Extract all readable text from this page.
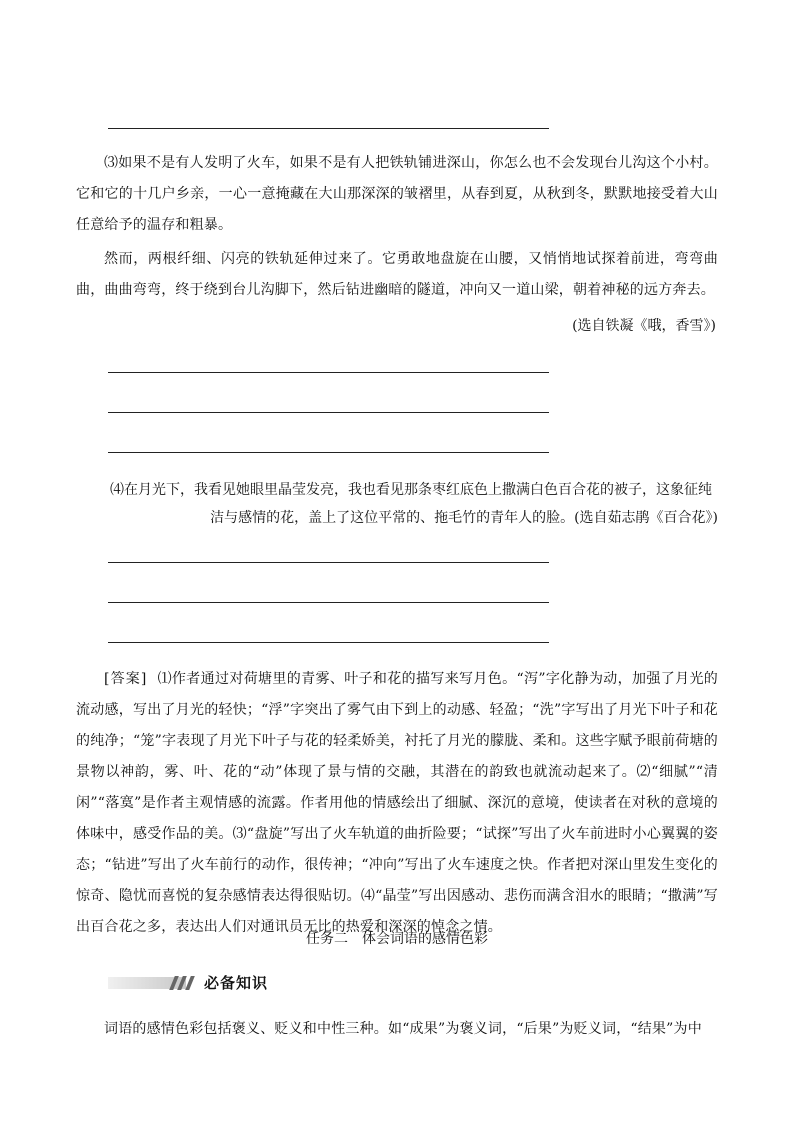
⑶如果不是有人发明了火车，如果不是有人把铁轨铺进深山，你怎么也不会发现台儿沟这个小村。它和它的十几户乡亲，一心一意掩藏在大山那深深的皱褶里，从春到夏，从秋到冬，默默地接受着大山任意给予的温存和粗暴。

然而，两根纤细、闪亮的铁轨延伸过来了。它勇敢地盘旋在山腰，又悄悄地试探着前进，弯弯曲曲，曲曲弯弯，终于绕到台儿沟脚下，然后钻进幽暗的隧道，冲向又一道山梁，朝着神秘的远方奔去。

(选自铁凝《哦，香雪》)

⑷在月光下，我看见她眼里晶莹发亮，我也看见那条枣红底色上撒满白色百合花的被子，这象征纯
洁与感情的花，盖上了这位平常的、拖毛竹的青年人的脸。(选自茹志鹃《百合花》)

[答案] ⑴作者通过对荷塘里的青雾、叶子和花的描写来写月色。“泻”字化静为动，加强了月光的流动感，写出了月光的轻快；“浮”字突出了雾气由下到上的动感、轻盈；“洗”字写出了月光下叶子和花的纯净；“笼”字表现了月光下叶子与花的轻柔娇美，衬托了月光的朦胧、柔和。这些字赋予眼前荷塘的景物以神韵，雾、叶、花的“动”体现了景与情的交融，其潜在的韵致也就流动起来了。⑵“细腻”“清闲”“落寞”是作者主观情感的流露。作者用他的情感绘出了细腻、深沉的意境，使读者在对秋的意境的体味中，感受作品的美。⑶“盘旋”写出了火车轨道的曲折险要；“试探”写出了火车前进时小心翼翼的姿态；“钻进”写出了火车前行的动作，很传神；“冲向”写出了火车速度之快。作者把对深山里发生变化的惊奇、隐忧而喜悦的复杂感情表达得很贴切。⑷“晶莹”写出因感动、悲伤而满含泪水的眼睛；“撒满”写出百合花之多，表达出人们对通讯员无比的热爱和深深的悼念之情。

任务二 体会词语的感情色彩

必备知识

词语的感情色彩包括褒义、贬义和中性三种。如“成果”为褒义词，“后果”为贬义词，“结果”为中
